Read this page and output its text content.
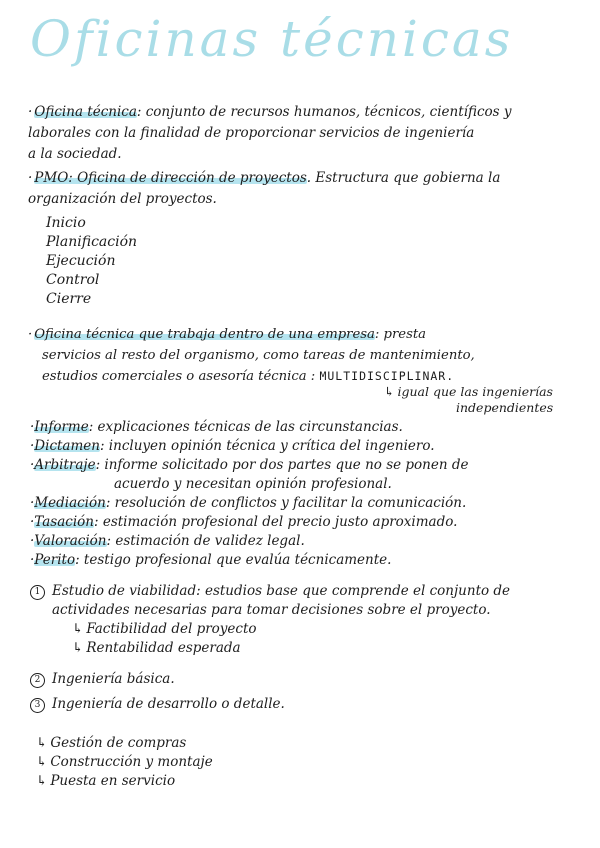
Oficinas técnicas
· Oficina técnica: conjunto de recursos humanos, técnicos, científicos y
laborales con la finalidad de proporcionar servicios de ingeniería
a la sociedad.
· PMO: Oficina de dirección de proyectos. Estructura que gobierna la
organización del proyectos.
Inicio
Planificación
Ejecución
Control
Cierre
· Oficina técnica que trabaja dentro de una empresa: presta
servicios al resto del organismo, como tareas de mantenimiento,
estudios comerciales o asesoría técnica : MULTIDISCIPLINAR.
↳ igual que las ingenierías
independientes
·Informe: explicaciones técnicas de las circunstancias.
·Dictamen: incluyen opinión técnica y crítica del ingeniero.
·Arbitraje: informe solicitado por dos partes que no se ponen de
acuerdo y necesitan opinión profesional.
·Mediación: resolución de conflictos y facilitar la comunicación.
·Tasación: estimación profesional del precio justo aproximado.
·Valoración: estimación de validez legal.
·Perito: testigo profesional que evalúa técnicamente.
1 Estudio de viabilidad: estudios base que comprende el conjunto de
actividades necesarias para tomar decisiones sobre el proyecto.
↳ Factibilidad del proyecto
↳ Rentabilidad esperada
2 Ingeniería básica.
3 Ingeniería de desarrollo o detalle.
↳ Gestión de compras
↳ Construcción y montaje
↳ Puesta en servicio
